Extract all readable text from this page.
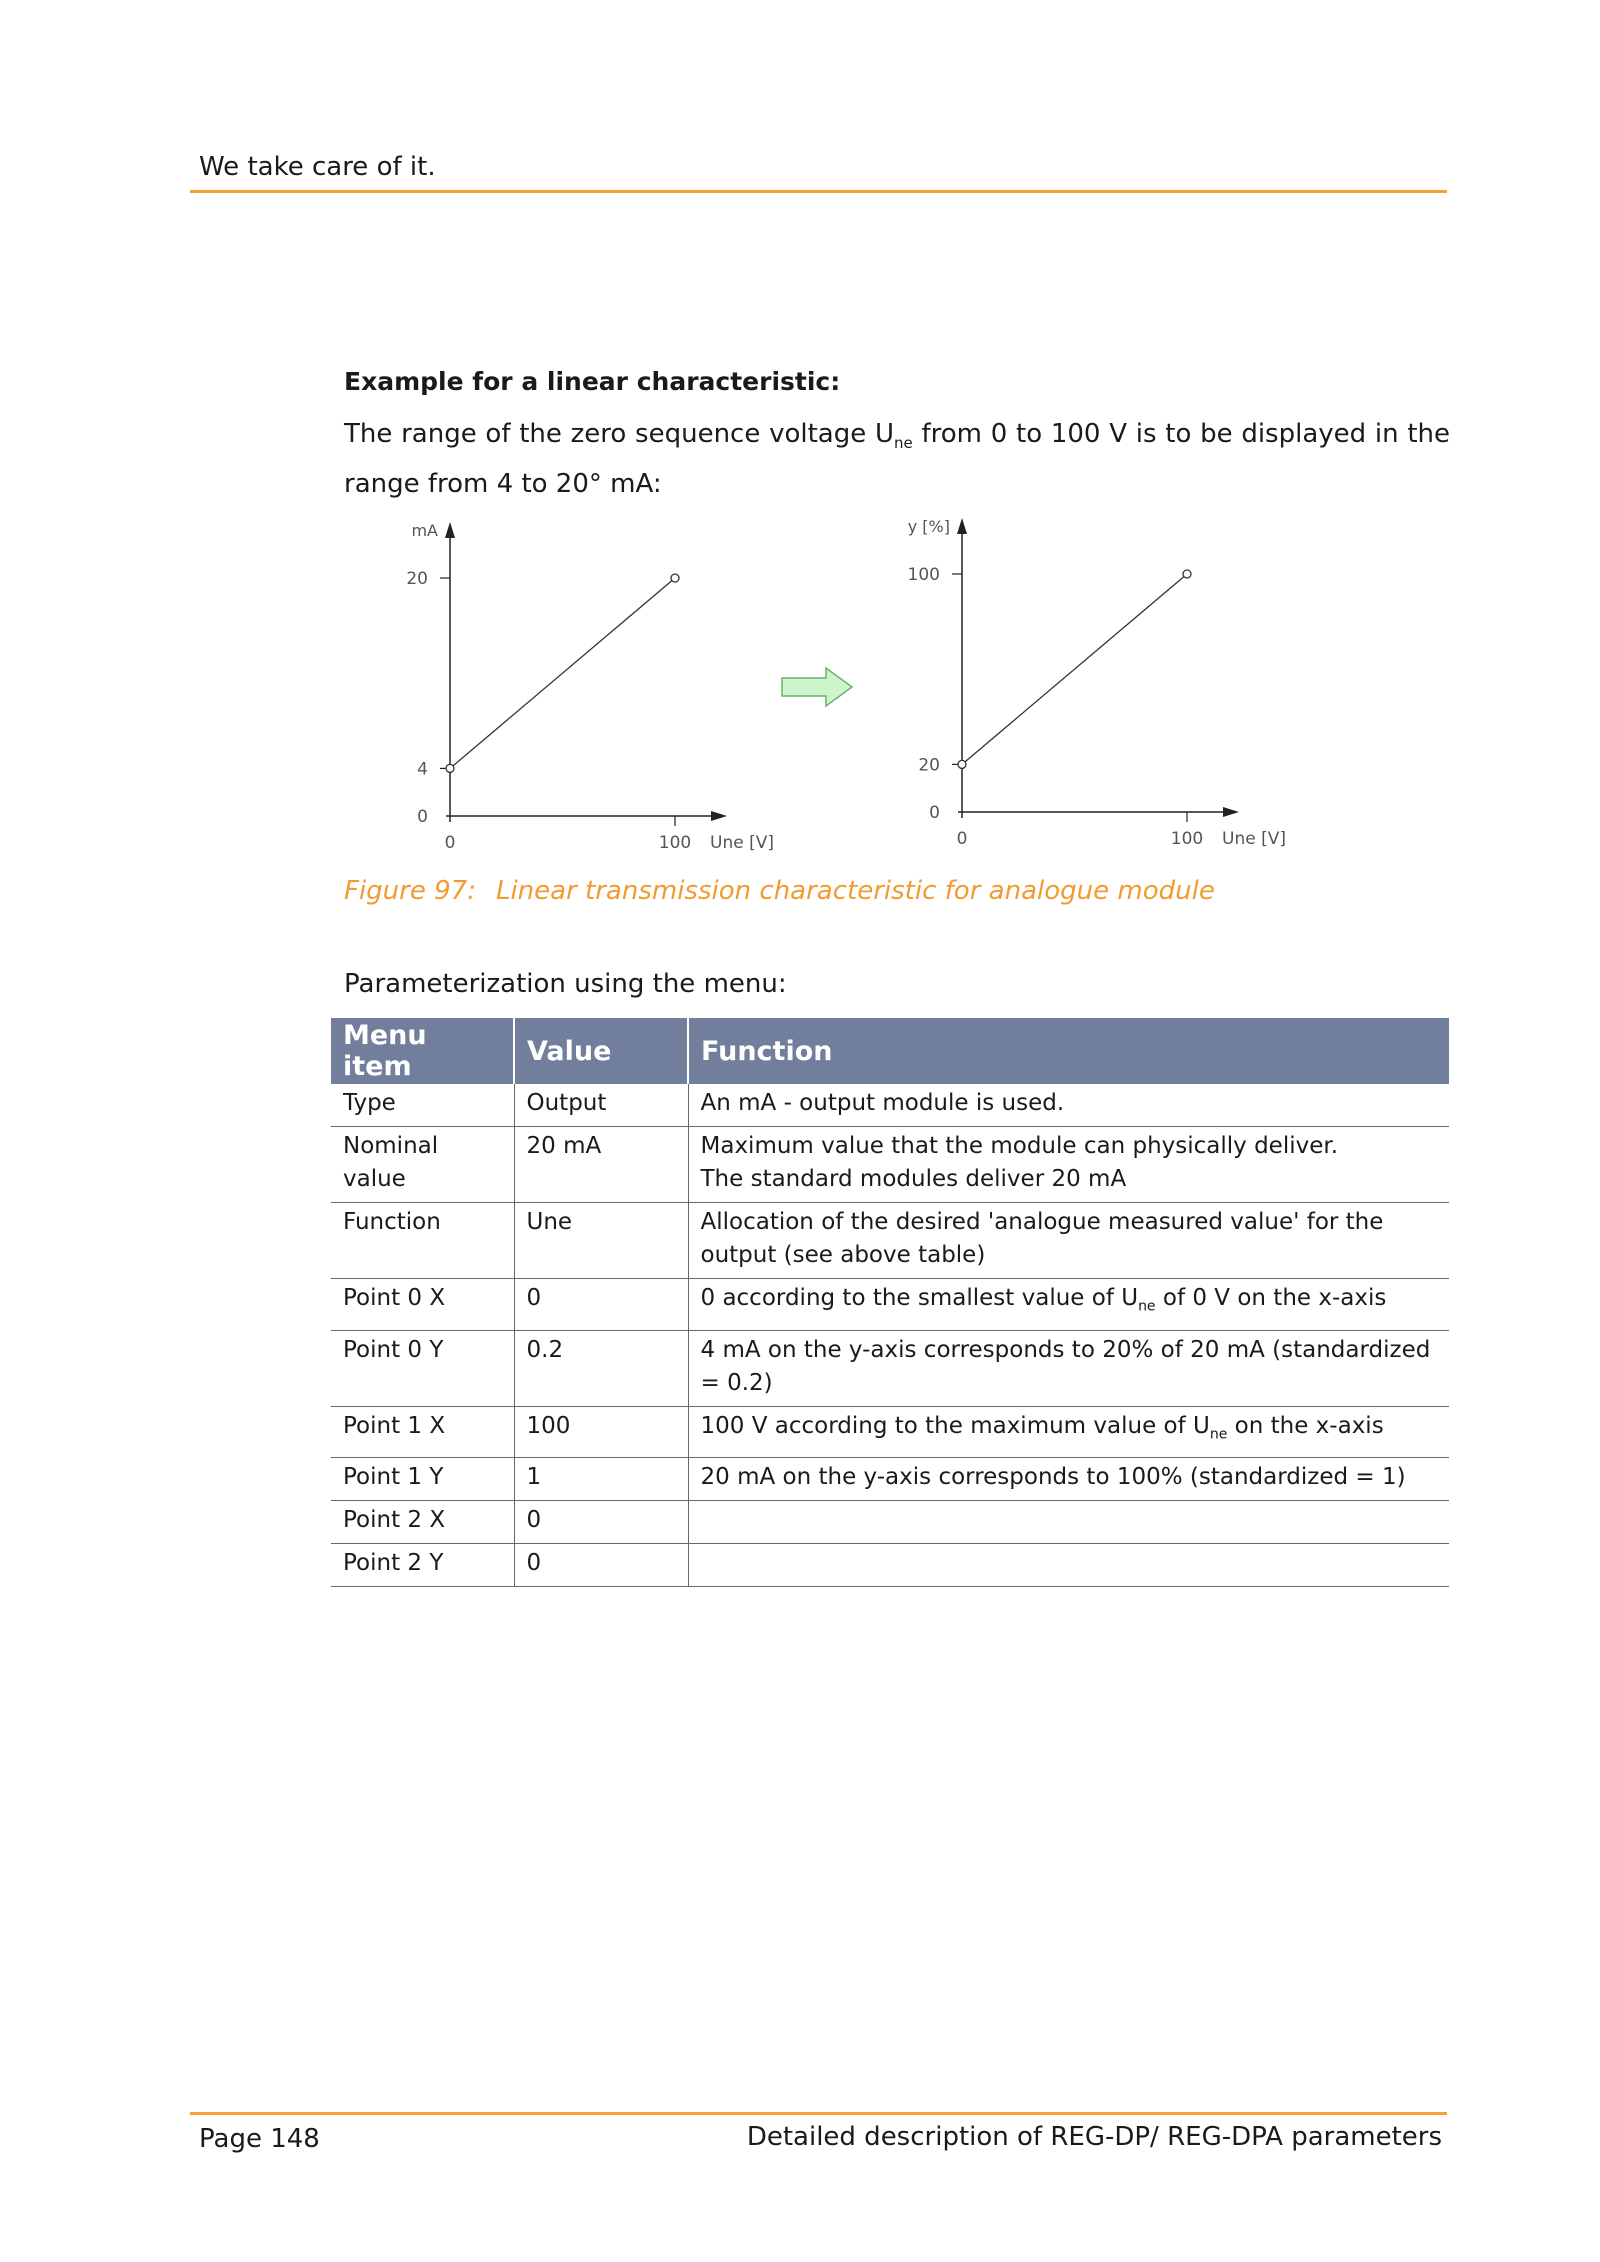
We take care of it.
Example for a linear characteristic:
The range of the zero sequence voltage $U_{ne}$ from 0 to 100 V is to be displayed in the range from 4 to 20° mA:
mA
Une [V]
0
4
20
0	100
y [%]
Une [V]
0
20
100
0	100
Figure 97: Linear transmission characteristic for analogue module
Parameterization using the menu:
Menu item	Value	Function
Type	Output	An mA - output module is used.
Nominal value	20 mA	Maximum value that the module can physically deliver.
The standard modules deliver 20 mA

Function	Une	Allocation of the desired 'analogue measured value' for the output (see above table)
Point 0 X	0	0 according to the smallest value of $U_{ne}$ of 0 V on the x-axis
Point 0 Y	0.2	4 mA on the y-axis corresponds to 20% of 20 mA (standardized = 0.2)
Point 1 X	100	100 V according to the maximum value of $U_{ne}$ on the x-axis
Point 1 Y	1	20 mA on the y-axis corresponds to 100% (standardized = 1)
Point 2 X	0	
Point 2 Y	0	
Page 148	Detailed description of REG-DP/ REG-DPA parameters
